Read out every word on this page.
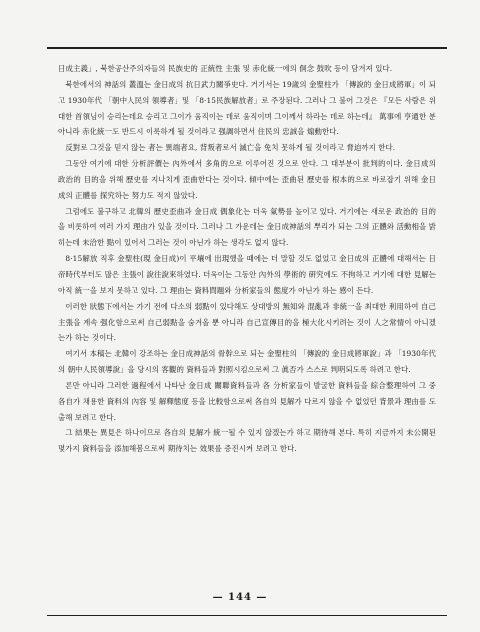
日成主義」, 북한공산주의자들의 民族史的 正統性 主張 및 赤化統一에의 侗念 鼓吹 등이 담겨져 있다.

북한에서의 神話의 叢溫는 金日成의 抗日武力關爭史다. 거기서는 19歲의 金聖柱가 「傳說的 金日成將軍」이 되고 1930年代 「朝中人民의 領導者」및 「8·15民族解放者」로 주장된다. 그러나 그 불어 그것은 『모든 사람은 위대한 首領님이 승리는데요 승리고 그이가 움직이는 데로 움직이며 그이께서 하라는 데로 하는데』 萬事에 亨通한 분 아니라 赤化統一도 반드시 이룩하게 될 것이라고 强調하면서 住民의 忠誠을 煽動한다.

反對로 그것을 믿지 않는 者는 異端者요, 背叛者로서 滅亡을 免치 못하게 될 것이라고 脅迫까지 한다.

그동안 여기에 대한 分析評價는 內外에서 多角的으로 이루어진 것으로 안다. 그 대부분이 批判的이다. 金日成의 政治的 目的을 위해 歷史를 지나치게 歪曲한다는 것이다. 傾中에는 歪曲된 歷史를 根本的으로 바로잡기 위해 金日成의 正體를 探究하는 努力도 적지 않았다.

그럼에도 불구하고 北韓의 歷史歪曲과 金日成 偶象化는 더욱 氣勢를 높이고 있다. 거기에는 새로운 政治的 目的을 비롯하여 여러 가지 理由가 있을 것이다. 그러나 그 가운데는 金日成神話의 뿌리가 되는 그의 正體와 活動相을 밝히는데 未洽한 點이 있어서 그러는 것이 아닌가 하는 생각도 없지 않다.

8·15解放 직후 金聖柱(現 金日成)이 平壤에 出現했을 때에는 더 말할 것도 없었고 金日成의 正體에 대해서는 日帝時代부터도 많은 主張이 說往說來하였다. 더욱이는 그동안 內外의 學術的 硏究에도 不拘하고 거기에 대한 見解는 아직 統一을 보지 못하고 있다. 그 理由는 資料問題와 分析家들의 態度가 아닌가 하는 感이 든다.

이러한 狀態下에서는 가기 전에 다소의 弱點이 있다해도 상대방의 無知와 混亂과 非統一을 최대한 利用하여 自己主張을 계속 强化함으로써 自己弱點을 숨겨올 뿐 아니라 自己宣傳目的을 極大化시키려는 것이 人之常情이 아니겠는가 하는 것이다.

여기서 本稿는 北韓이 강조하는 金日成神話의 骨幹으로 되는 金聖柱의 「傳說的 金日成將軍說」과 「1930年代의 朝中人民領導說」을 당시의 客觀的 資料들과 對照시킴으로써 그 眞否가 스스로 判明되도록 하려고 한다.

론만 아니라 그러한 過程에서 나타난 金日成 關聯資料들과 各 分析家들이 발굴한 資料들을 綜合整理하여 그 중 各自가 채용한 資料의 內容 및 解釋態度 등을 比較함으로써 各自의 見解가 다르지 않을 수 없었던 背景과 理由를 도출해 보려고 한다.

그 結果는 異見은 하나이므로 各自의 見解가 統一될 수 있지 않겠는가 하고 期待해 본다. 특히 지금까지 未公開된 몇가지 資料들을 添加해봄으로써 期待치는 效果를 증진시켜 보려고 한다.

— 144 —
